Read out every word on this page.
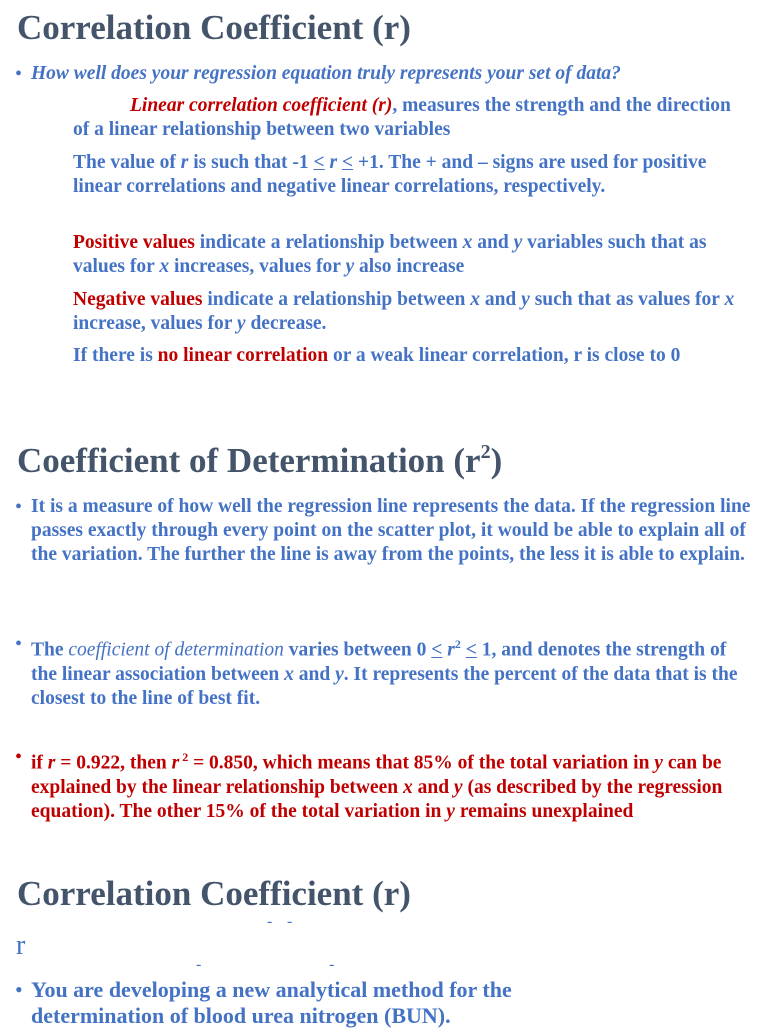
Correlation Coefficient (r)
• How well does your regression equation truly represents your set of data?
Linear correlation coefficient (r), measures the strength and the direction of a linear relationship between two variables
The value of r is such that -1 < r < +1. The + and – signs are used for positive linear correlations and negative linear correlations, respectively.
Positive values indicate a relationship between x and y variables such that as values for x increases, values for y also increase
Negative values indicate a relationship between x and y such that as values for x increase, values for y decrease.
If there is no linear correlation or a weak linear correlation, r is close to 0
Coefficient of Determination $(r^2)$
• It is a measure of how well the regression line represents the data. If the regression line passes exactly through every point on the scatter plot, it would be able to explain all of the variation. The further the line is away from the points, the less it is able to explain.
• The coefficient of determination varies between $0 < r^2 < 1$, and denotes the strength of the linear association between x and y. It represents the percent of the data that is the closest to the line of best fit.
• if r = 0.922, then r $^2$ = 0.850, which means that 85% of the total variation in y can be explained by the linear relationship between x and y (as described by the regression equation). The other 15% of the total variation in y remains unexplained
Correlation Coefficient (r)
- -
r
-	-
• You are developing a new analytical method for the determination of blood urea nitrogen (BUN).
